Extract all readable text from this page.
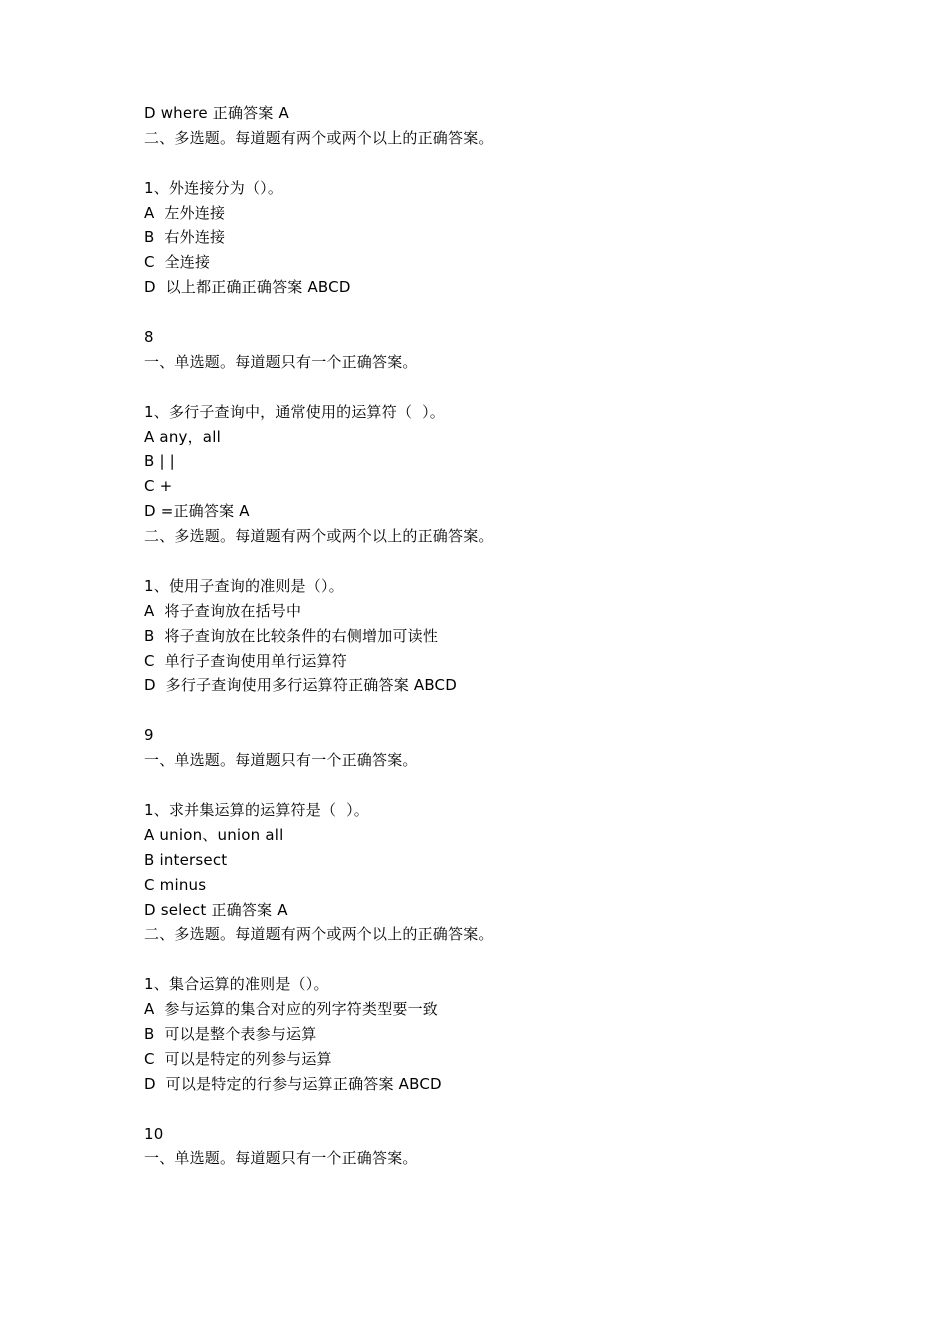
D where 正确答案 A
二、多选题。每道题有两个或两个以上的正确答案。
1、外连接分为（）。
A  左外连接
B  右外连接
C  全连接
D  以上都正确正确答案 ABCD
8
一、单选题。每道题只有一个正确答案。
1、多行子查询中，通常使用的运算符（  ）。
A any，all
B | |
C +
D =正确答案 A
二、多选题。每道题有两个或两个以上的正确答案。
1、使用子查询的准则是（）。
A  将子查询放在括号中
B  将子查询放在比较条件的右侧增加可读性
C  单行子查询使用单行运算符
D  多行子查询使用多行运算符正确答案 ABCD
9
一、单选题。每道题只有一个正确答案。
1、求并集运算的运算符是（  ）。
A union、union all
B intersect
C minus
D select 正确答案 A
二、多选题。每道题有两个或两个以上的正确答案。
1、集合运算的准则是（）。
A  参与运算的集合对应的列字符类型要一致
B  可以是整个表参与运算
C  可以是特定的列参与运算
D  可以是特定的行参与运算正确答案 ABCD
10
一、单选题。每道题只有一个正确答案。
